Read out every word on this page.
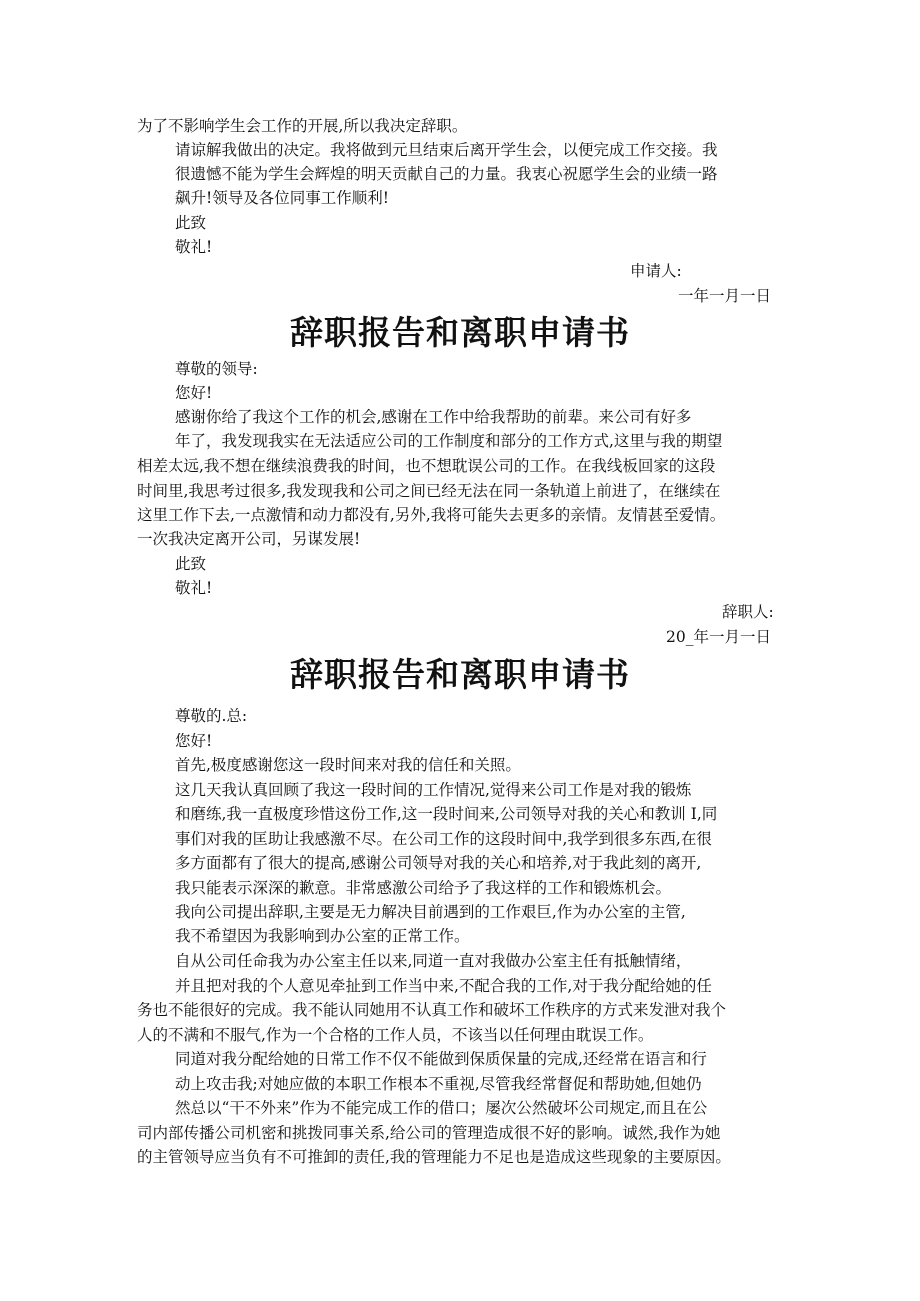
为了不影响学生会工作的开展,所以我决定辞职。

请谅解我做出的决定。我将做到元旦结束后离开学生会，以便完成工作交接。我

很遗憾不能为学生会辉煌的明天贡献自己的力量。我衷心祝愿学生会的业绩一路

飙升!领导及各位同事工作顺利!

此致

敬礼!

申请人:

一年一月一日

辞职报告和离职申请书

尊敬的领导:

您好!

感谢你给了我这个工作的机会,感谢在工作中给我帮助的前辈。来公司有好多

年了，我发现我实在无法适应公司的工作制度和部分的工作方式,这里与我的期望

相差太远,我不想在继续浪费我的时间，也不想耽误公司的工作。在我线板回家的这段

时间里,我思考过很多,我发现我和公司之间已经无法在同一条轨道上前进了，在继续在

这里工作下去,一点激情和动力都没有,另外,我将可能失去更多的亲情。友情甚至爱情。

一次我决定离开公司，另谋发展!

此致

敬礼!

辞职人:

20_年一月一日

辞职报告和离职申请书

尊敬的.总:

您好!

首先,极度感谢您这一段时间来对我的信任和关照。

这几天我认真回顾了我这一段时间的工作情况,觉得来公司工作是对我的锻炼

和磨练,我一直极度珍惜这份工作,这一段时间来,公司领导对我的关心和教训 I,同

事们对我的匡助让我感激不尽。在公司工作的这段时间中,我学到很多东西,在很

多方面都有了很大的提高,感谢公司领导对我的关心和培养,对于我此刻的离开,

我只能表示深深的歉意。非常感激公司给予了我这样的工作和锻炼机会。

我向公司提出辞职,主要是无力解决目前遇到的工作艰巨,作为办公室的主管,

我不希望因为我影响到办公室的正常工作。

自从公司任命我为办公室主任以来,同道一直对我做办公室主任有抵触情绪，

并且把对我的个人意见牵扯到工作当中来,不配合我的工作,对于我分配给她的任

务也不能很好的完成。我不能认同她用不认真工作和破坏工作秩序的方式来发泄对我个

人的不满和不服气,作为一个合格的工作人员，不该当以任何理由耽误工作。

同道对我分配给她的日常工作不仅不能做到保质保量的完成,还经常在语言和行

动上攻击我;对她应做的本职工作根本不重视,尽管我经常督促和帮助她,但她仍

然总以“干不外来”作为不能完成工作的借口；屡次公然破坏公司规定,而且在公

司内部传播公司机密和挑拨同事关系,给公司的管理造成很不好的影响。诚然,我作为她

的主管领导应当负有不可推卸的责任,我的管理能力不足也是造成这些现象的主要原因。
